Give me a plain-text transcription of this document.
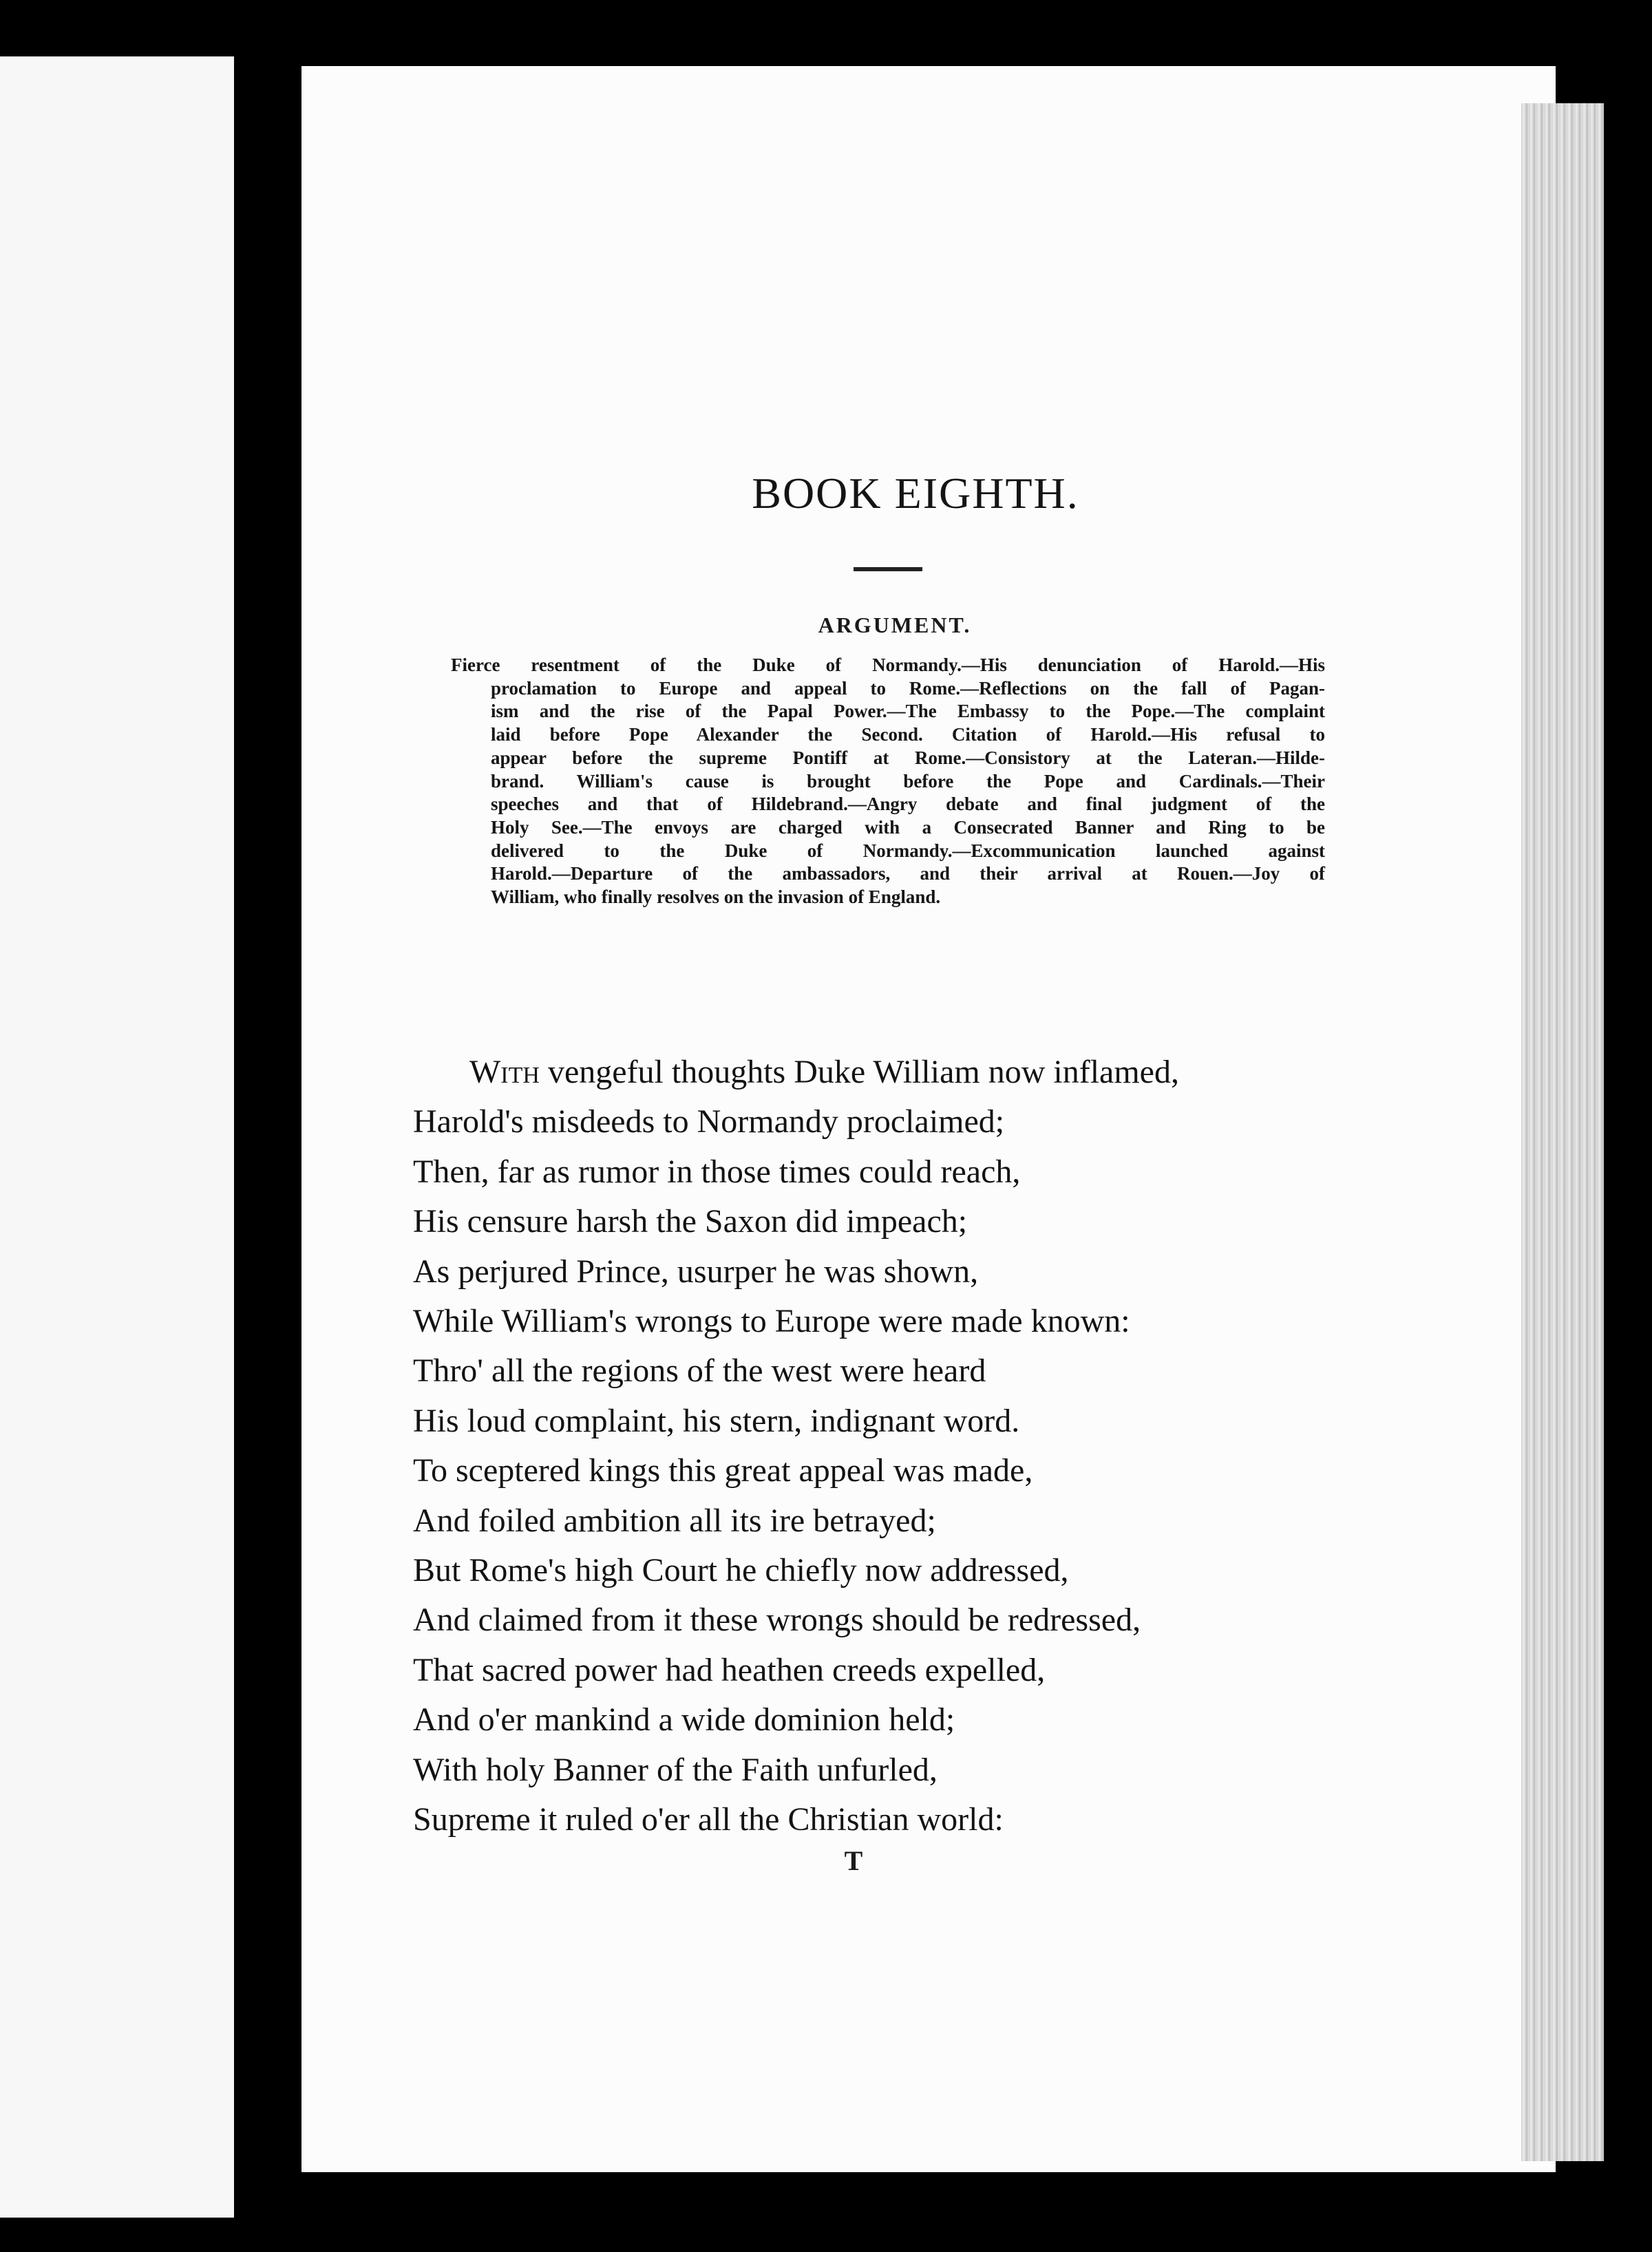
BOOK EIGHTH.
ARGUMENT.
Fierce resentment of the Duke of Normandy.—His denunciation of Harold.—His
proclamation to Europe and appeal to Rome.—Reflections on the fall of Pagan-
ism and the rise of the Papal Power.—The Embassy to the Pope.—The complaint
laid before Pope Alexander the Second. Citation of Harold.—His refusal to
appear before the supreme Pontiff at Rome.—Consistory at the Lateran.—Hilde-
brand. William's cause is brought before the Pope and Cardinals.—Their
speeches and that of Hildebrand.—Angry debate and final judgment of the
Holy See.—The envoys are charged with a Consecrated Banner and Ring to be
delivered to the Duke of Normandy.—Excommunication launched against
Harold.—Departure of the ambassadors, and their arrival at Rouen.—Joy of
William, who finally resolves on the invasion of England.
With vengeful thoughts Duke William now inflamed,
Harold's misdeeds to Normandy proclaimed;
Then, far as rumor in those times could reach,
His censure harsh the Saxon did impeach;
As perjured Prince, usurper he was shown,
While William's wrongs to Europe were made known:
Thro' all the regions of the west were heard
His loud complaint, his stern, indignant word.
To sceptered kings this great appeal was made,
And foiled ambition all its ire betrayed;
But Rome's high Court he chiefly now addressed,
And claimed from it these wrongs should be redressed,
That sacred power had heathen creeds expelled,
And o'er mankind a wide dominion held;
With holy Banner of the Faith unfurled,
Supreme it ruled o'er all the Christian world:
T
